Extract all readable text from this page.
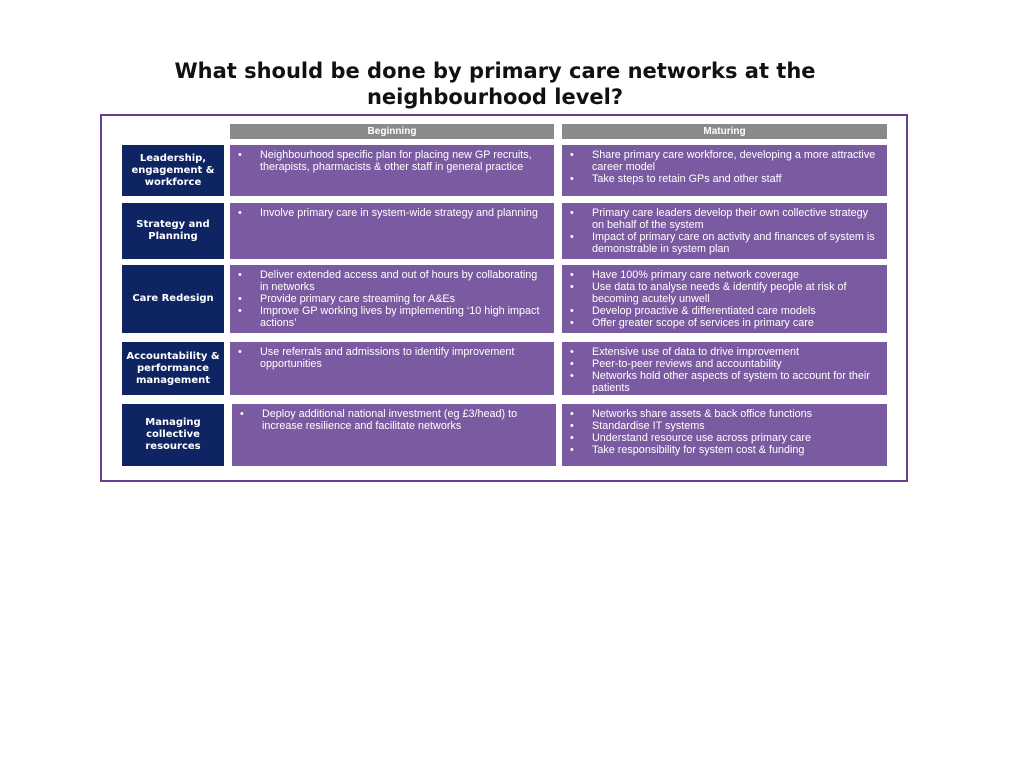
What should be done by primary care networks at the
neighbourhood level?
Beginning	Maturing
Leadership, engagement & workforce
• Neighbourhood specific plan for placing new GP recruits, therapists, pharmacists & other staff in general practice
• Share primary care workforce, developing a more attractive career model
• Take steps to retain GPs and other staff
Strategy and Planning
• Involve primary care in system-wide strategy and planning
•	Primary care leaders develop their own collective strategy on behalf of the system
• Impact of primary care on activity and finances of system is demonstrable in system plan
Care Redesign
• Deliver extended access and out of hours by collaborating in networks
• Provide primary care streaming for A&Es
• Improve GP working lives by implementing ‘10 high impact actions’
• Have 100% primary care network coverage
• Use data to analyse needs & identify people at risk of becoming acutely unwell
• Develop proactive & differentiated care models
• Offer greater scope of services in primary care
Accountability & performance management
• Use referrals and admissions to identify improvement opportunities
• Extensive use of data to drive improvement
• Peer-to-peer reviews and accountability
• Networks hold other aspects of system to account for their patients
Managing collective resources
• Deploy additional national investment (eg £3/head) to increase resilience and facilitate networks
• Networks share assets & back office functions
• Standardise IT systems
• Understand resource use across primary care
• Take responsibility for system cost & funding
